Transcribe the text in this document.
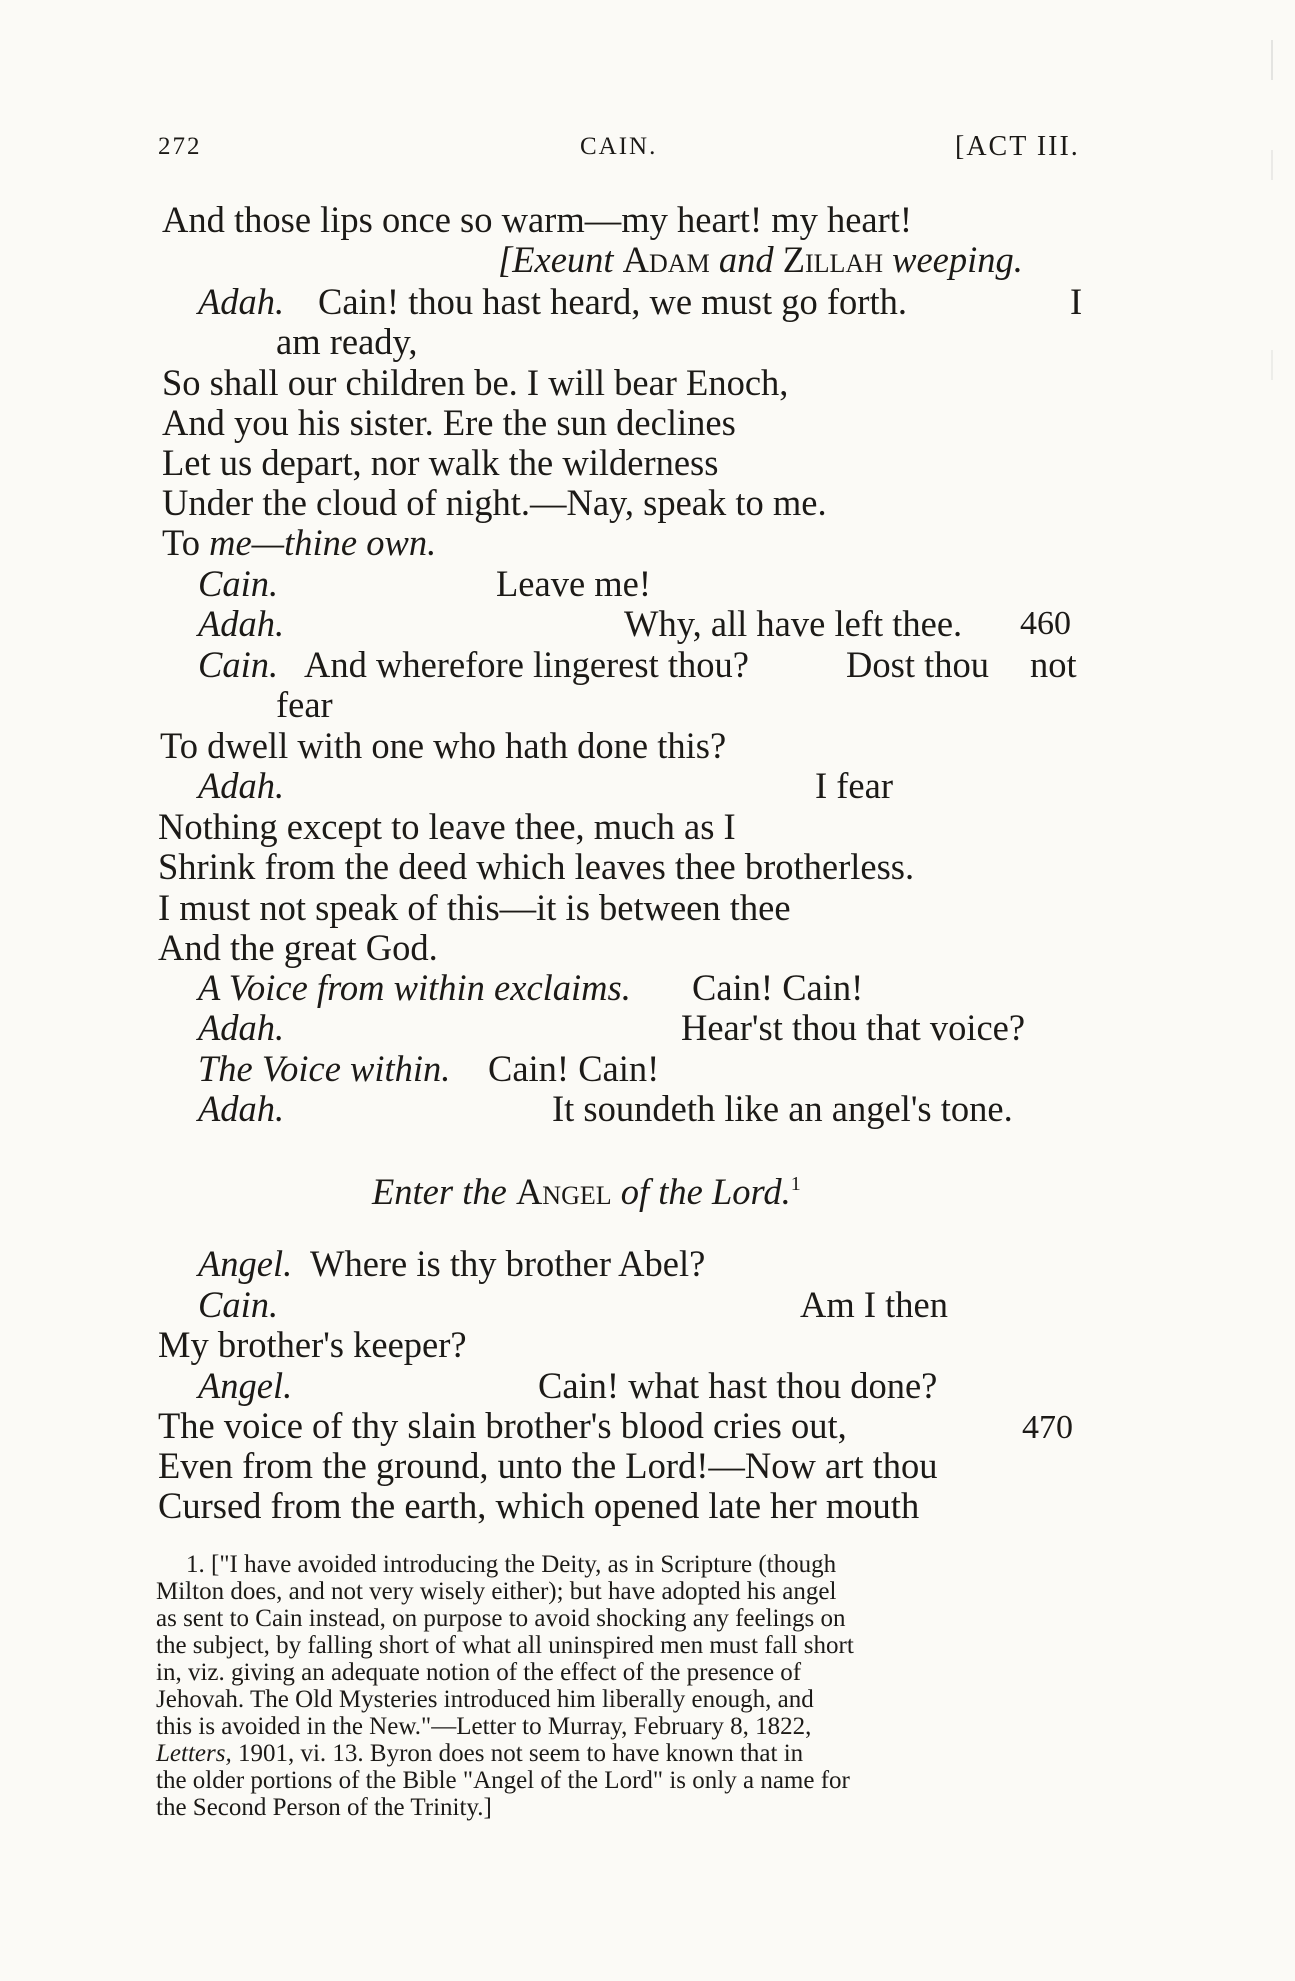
272	CAIN.	[ACT III.
And those lips once so warm—my heart! my heart!
[Exeunt Adam and Zillah weeping.
Adah. Cain! thou hast heard, we must go forth.	I
am ready,
So shall our children be. I will bear Enoch,
And you his sister. Ere the sun declines
Let us depart, nor walk the wilderness
Under the cloud of night.—Nay, speak to me.
To me—thine own.
Cain.	Leave me!
Adah.	Why, all have left thee. 460
Cain. And wherefore lingerest thou?	Dost thou not
fear
To dwell with one who hath done this?
Adah.	I fear
Nothing except to leave thee, much as I
Shrink from the deed which leaves thee brotherless.
I must not speak of this—it is between thee
And the great God.
A Voice from within exclaims. Cain! Cain!
Adah.	Hear'st thou that voice?
The Voice within. Cain! Cain!
Adah.	It soundeth like an angel's tone.
Enter the Angel of the Lord.$^1$
Angel. Where is thy brother Abel?
Cain.	Am I then
My brother's keeper?
Angel.	Cain! what hast thou done?
The voice of thy slain brother's blood cries out,	470
Even from the ground, unto the Lord!—Now art thou
Cursed from the earth, which opened late her mouth
1. ["I have avoided introducing the Deity, as in Scripture (though
Milton does, and not very wisely either); but have adopted his angel
as sent to Cain instead, on purpose to avoid shocking any feelings on
the subject, by falling short of what all uninspired men must fall short
in, viz. giving an adequate notion of the effect of the presence of
Jehovah. The Old Mysteries introduced him liberally enough, and
this is avoided in the New."—Letter to Murray, February 8, 1822,
Letters, 1901, vi. 13. Byron does not seem to have known that in
the older portions of the Bible "Angel of the Lord" is only a name for
the Second Person of the Trinity.]
